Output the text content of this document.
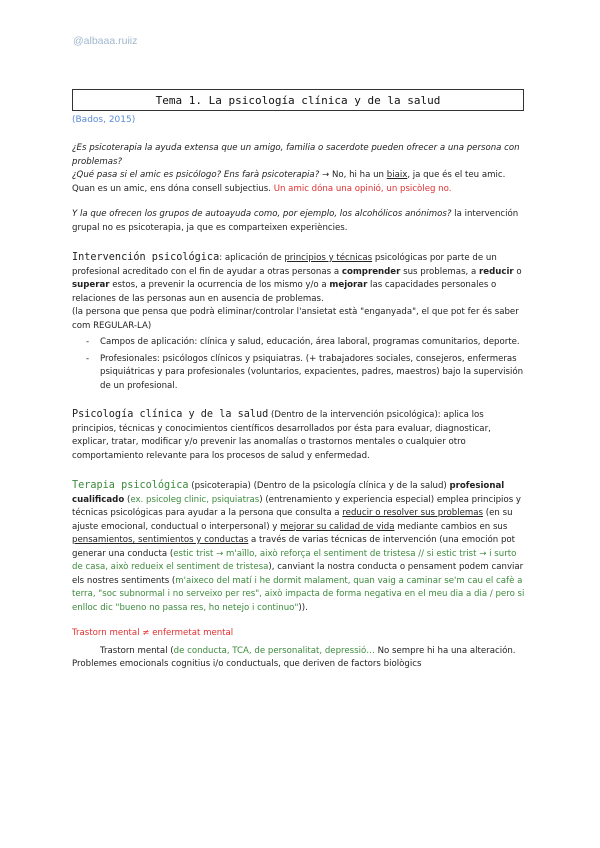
@albaaa.ruiiz
Tema 1. La psicología clínica y de la salud
(Bados, 2015)

¿Es psicoterapia la ayuda extensa que un amigo, familia o sacerdote pueden ofrecer a una persona con problemas?
¿Qué pasa si el amic es psicólogo? Ens farà psicoterapia? → No, hi ha un biaix, ja que és el teu amic. Quan es un amic, ens dóna consell subjectius. Un amic dóna una opinió, un psicòleg no.

Y la que ofrecen los grupos de autoayuda como, por ejemplo, los alcohólicos anónimos? la intervención grupal no es psicoterapia, ja que es comparteixen experiències.

Intervención psicológica: aplicación de principios y técnicas psicológicas por parte de un profesional acreditado con el fin de ayudar a otras personas a comprender sus problemas, a reducir o superar estos, a prevenir la ocurrencia de los mismo y/o a mejorar las capacidades personales o relaciones de las personas aun en ausencia de problemas.

(la persona que pensa que podrà eliminar/controlar l'ansietat està "enganyada", el que pot fer és saber com REGULAR-LA)

- Campos de aplicación: clínica y salud, educación, área laboral, programas comunitarios, deporte.
- Profesionales: psicólogos clínicos y psiquiatras. (+ trabajadores sociales, consejeros, enfermeras psiquiátricas y para profesionales (voluntarios, expacientes, padres, maestros) bajo la supervisión de un profesional.

Psicología clínica y de la salud (Dentro de la intervención psicológica): aplica los principios, técnicas y conocimientos científicos desarrollados por ésta para evaluar, diagnosticar, explicar, tratar, modificar y/o prevenir las anomalías o trastornos mentales o cualquier otro comportamiento relevante para los procesos de salud y enfermedad.

Terapia psicológica (psicoterapia) (Dentro de la psicología clínica y de la salud) profesional cualificado (ex. psicoleg clinic, psiquiatras) (entrenamiento y experiencia especial) emplea principios y técnicas psicológicas para ayudar a la persona que consulta a reducir o resolver sus problemas (en su ajuste emocional, conductual o interpersonal) y mejorar su calidad de vida mediante cambios en sus pensamientos, sentimientos y conductas a través de varias técnicas de intervención (una emoción pot generar una conducta (estic trist → m'aïllo, això reforça el sentiment de tristesa // si estic trist → i surto de casa, això redueix el sentiment de tristesa), canviant la nostra conducta o pensament podem canviar els nostres sentiments (m'aixeco del matí i he dormit malament, quan vaig a caminar se'm cau el cafè a terra, "soc subnormal i no serveixo per res", això impacta de forma negativa en el meu dia a dia / pero si enlloc dic "bueno no passa res, ho netejo i continuo")).

Trastorn mental ≠ enfermetat mental

Trastorn mental (de conducta, TCA, de personalitat, depressió… No sempre hi ha una alteración. Problemes emocionals cognitius i/o conductuals, que deriven de factors biològics
